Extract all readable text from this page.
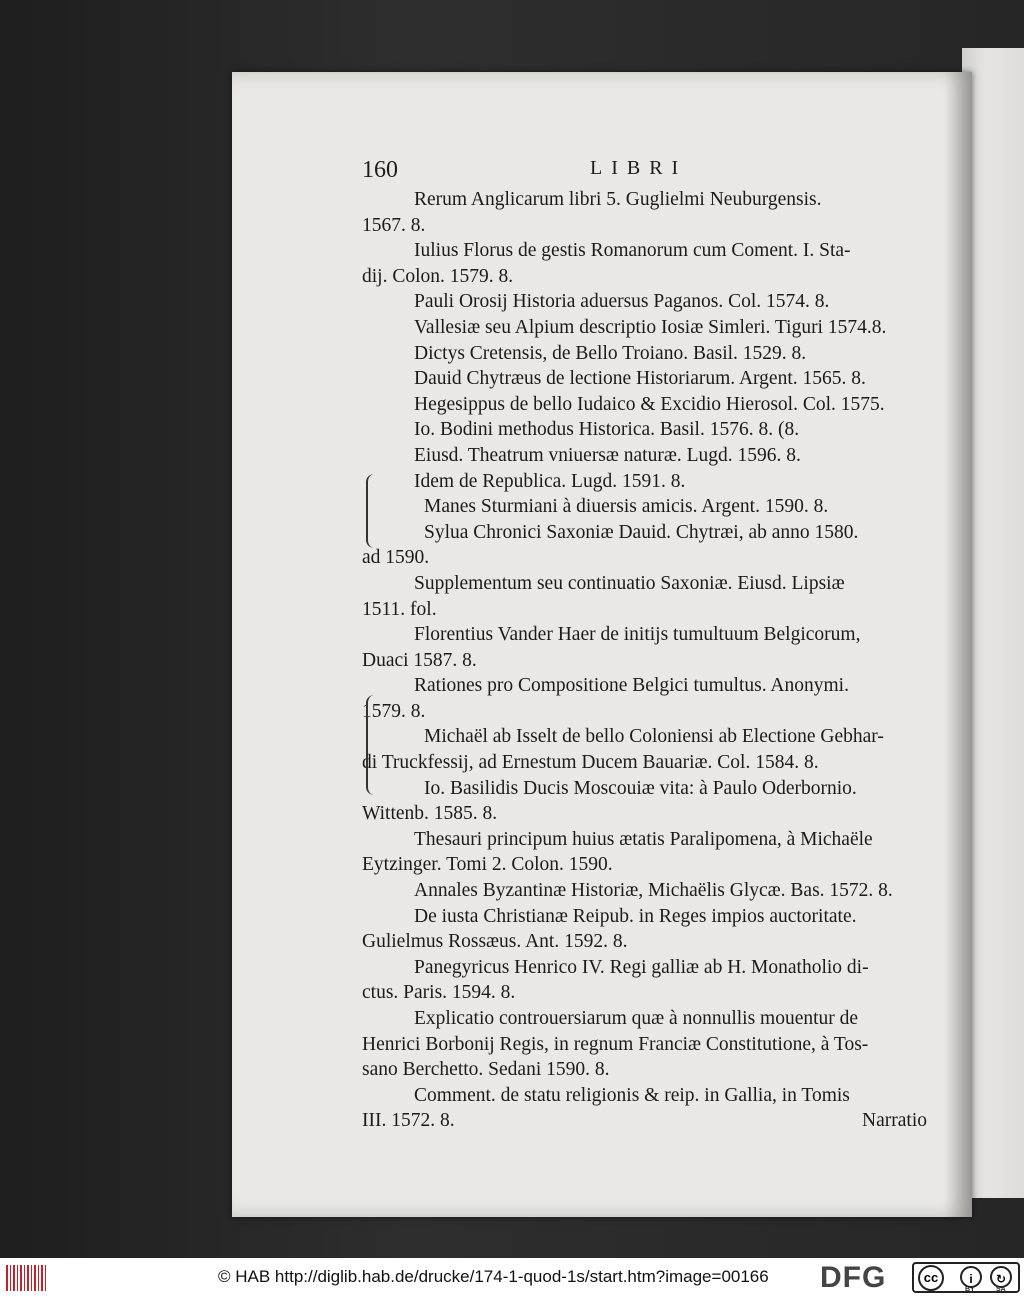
160	LIBRI
Rerum Anglicarum libri 5. Guglielmi Neuburgensis.
1567. 8.
Iulius Florus de gestis Romanorum cum Coment. I. Sta-
dij. Colon. 1579. 8.
Pauli Orosij Historia aduersus Paganos. Col. 1574. 8.
Vallesiæ seu Alpium descriptio Iosiæ Simleri. Tiguri 1574.8.
Dictys Cretensis, de Bello Troiano. Basil. 1529. 8.
Dauid Chytræus de lectione Historiarum. Argent. 1565. 8.
Hegesippus de bello Iudaico & Excidio Hierosol. Col. 1575.
Io. Bodini methodus Historica. Basil. 1576. 8. (8.
Eiusd. Theatrum vniuersæ naturæ. Lugd. 1596. 8.
Idem de Republica. Lugd. 1591. 8.
Manes Sturmiani à diuersis amicis. Argent. 1590. 8.
Sylua Chronici Saxoniæ Dauid. Chytræi, ab anno 1580.
ad 1590.
Supplementum seu continuatio Saxoniæ. Eiusd. Lipsiæ
1511. fol.
Florentius Vander Haer de initijs tumultuum Belgicorum,
Duaci 1587. 8.
Rationes pro Compositione Belgici tumultus. Anonymi.
1579. 8.
Michaël ab Isselt de bello Coloniensi ab Electione Gebhar-
di Truckfessij, ad Ernestum Ducem Bauariæ. Col. 1584. 8.
Io. Basilidis Ducis Moscouiæ vita: à Paulo Oderbornio.
Wittenb. 1585. 8.
Thesauri principum huius ætatis Paralipomena, à Michaële
Eytzinger. Tomi 2. Colon. 1590.
Annales Byzantinæ Historiæ, Michaëlis Glycæ. Bas. 1572. 8.
De iusta Christianæ Reipub. in Reges impios auctoritate.
Gulielmus Rossæus. Ant. 1592. 8.
Panegyricus Henrico IV. Regi galliæ ab H. Monatholio di-
ctus. Paris. 1594. 8.
Explicatio controuersiarum quæ à nonnullis mouentur de
Henrici Borbonij Regis, in regnum Franciæ Constitutione, à Tos-
sano Berchetto. Sedani 1590. 8.
Comment. de statu religionis & reip. in Gallia, in Tomis
III. 1572. 8.	Narratio
© HAB http://diglib.hab.de/drucke/174-1-quod-1s/start.htm?image=00166 DFG	cc	i	↻
BY	SA
